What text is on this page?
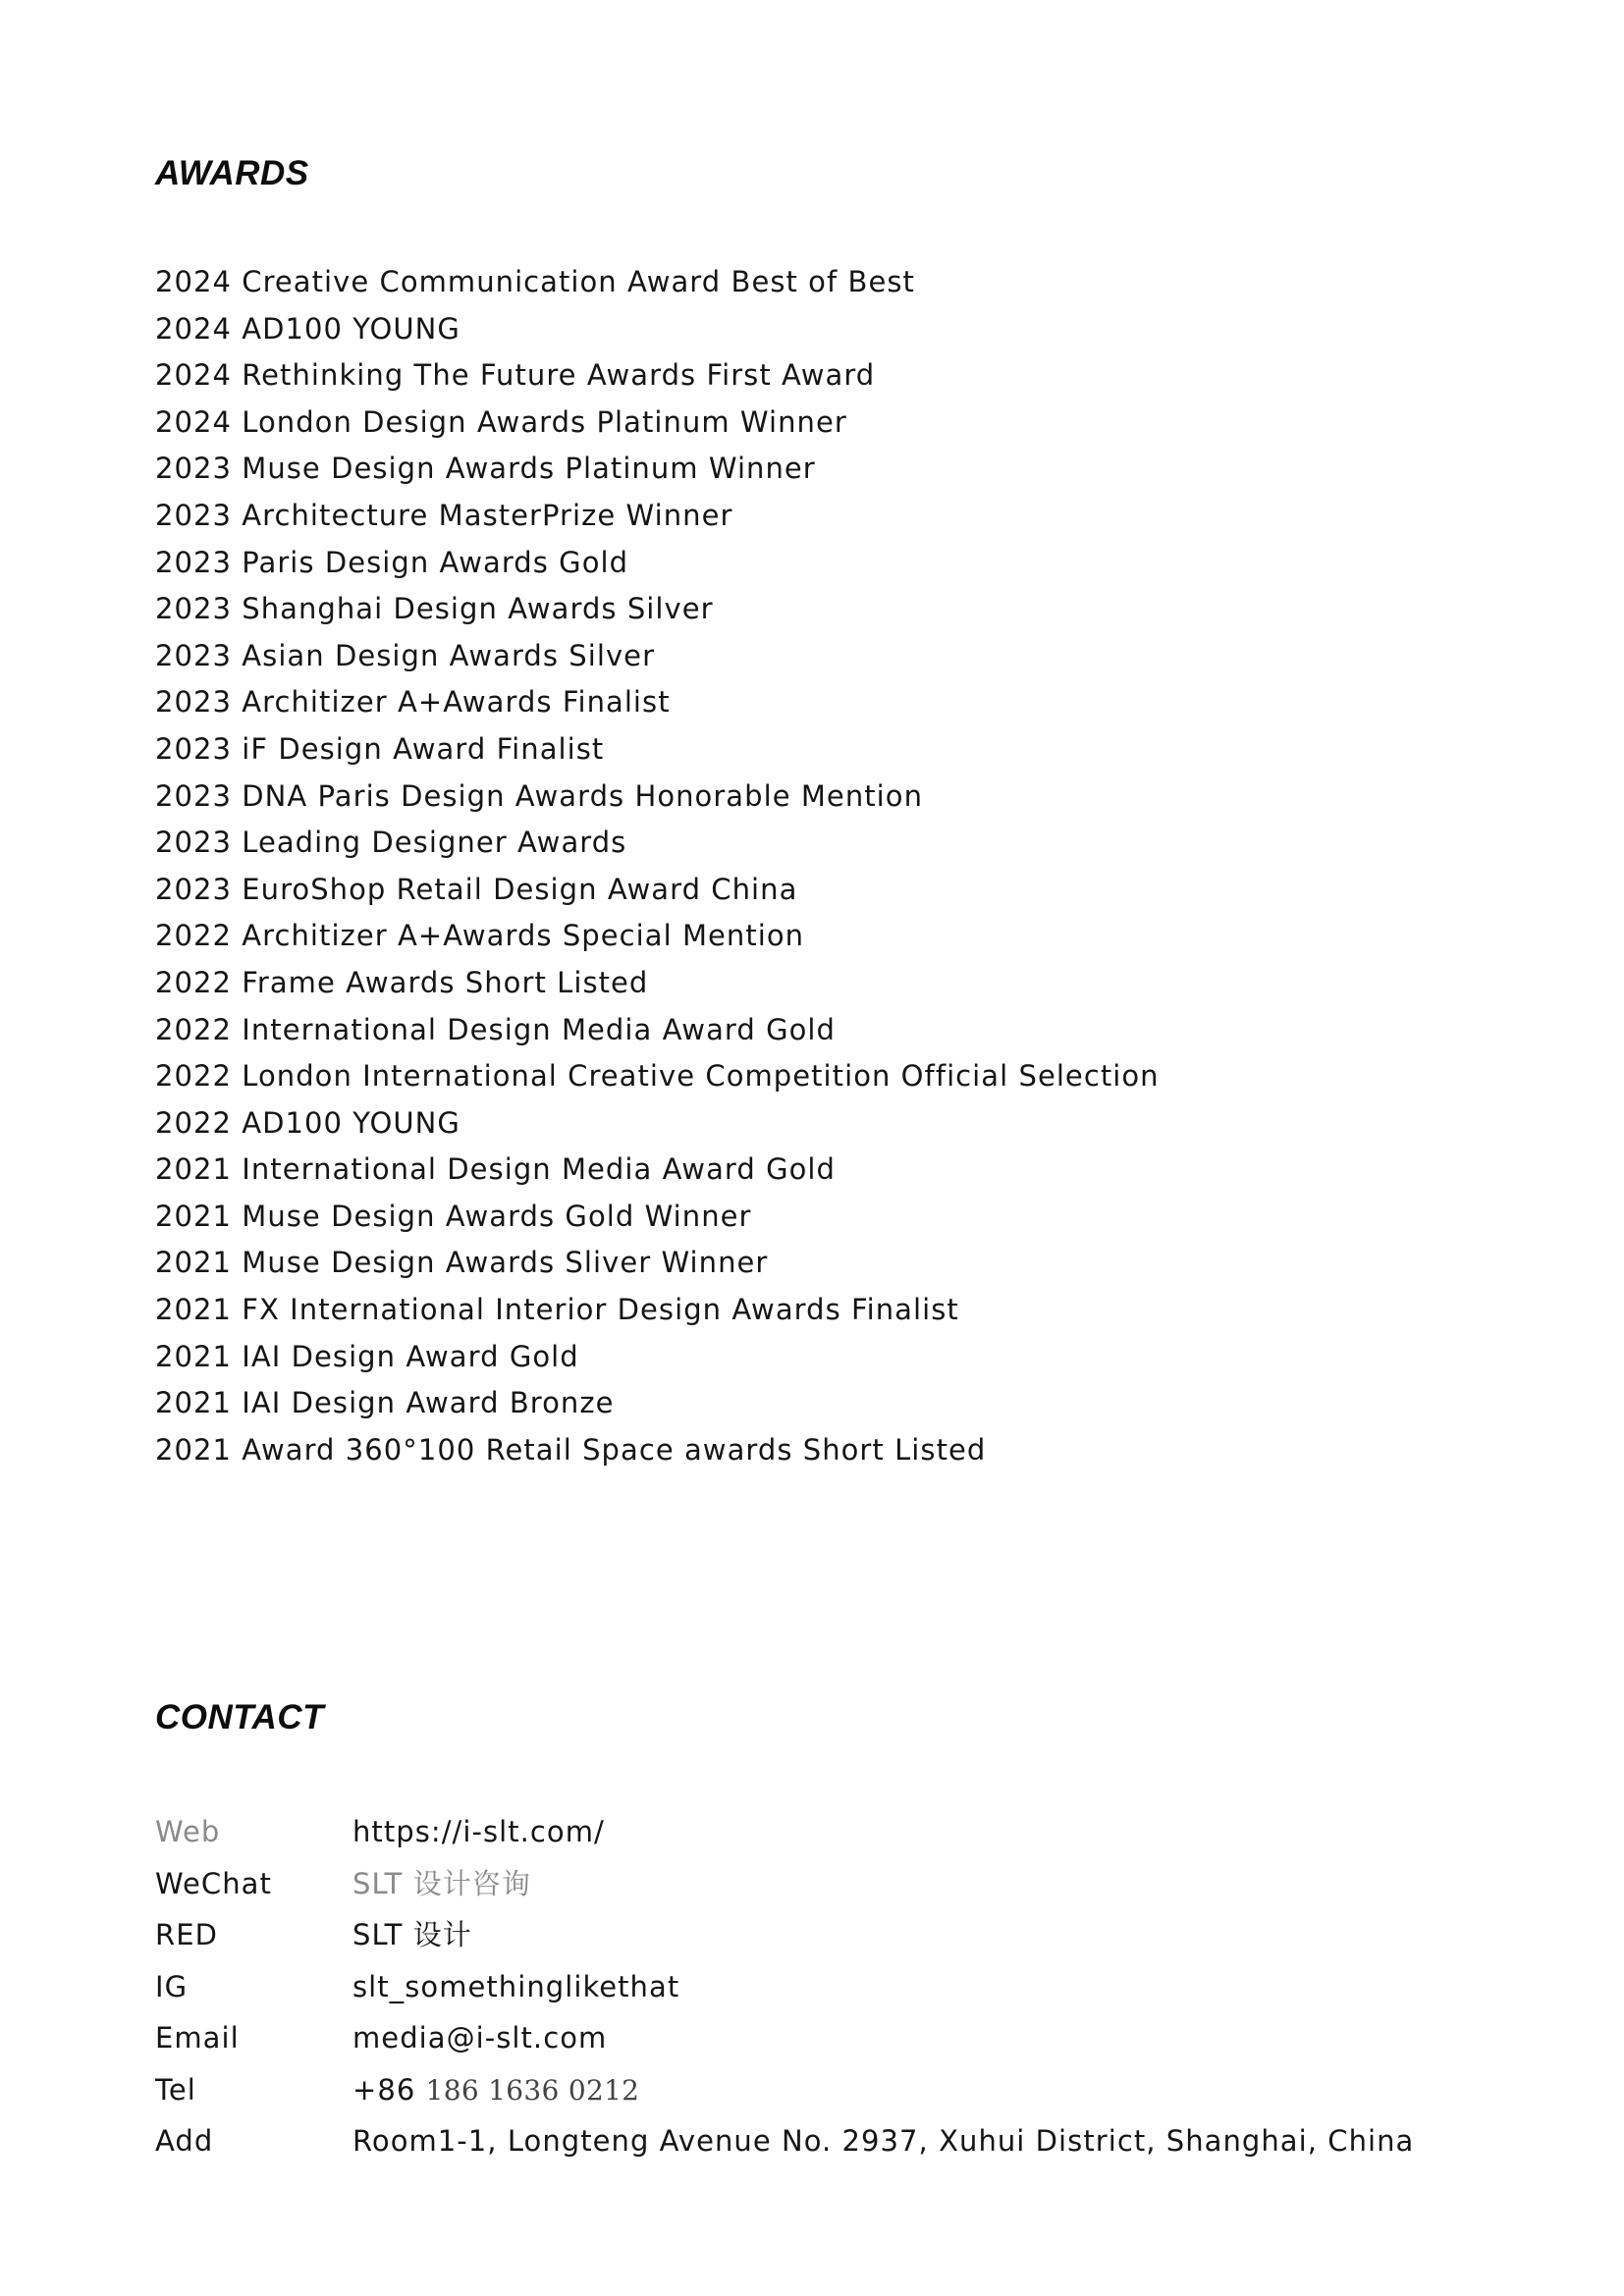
AWARDS
2024 Creative Communication Award Best of Best
2024 AD100 YOUNG
2024 Rethinking The Future Awards First Award
2024 London Design Awards Platinum Winner
2023 Muse Design Awards Platinum Winner
2023 Architecture MasterPrize Winner
2023 Paris Design Awards Gold
2023 Shanghai Design Awards Silver
2023 Asian Design Awards Silver
2023 Architizer A+Awards Finalist
2023 iF Design Award Finalist
2023 DNA Paris Design Awards Honorable Mention
2023 Leading Designer Awards
2023 EuroShop Retail Design Award China
2022 Architizer A+Awards Special Mention
2022 Frame Awards Short Listed
2022 International Design Media Award Gold
2022 London International Creative Competition Official Selection
2022 AD100 YOUNG
2021 International Design Media Award Gold
2021 Muse Design Awards Gold Winner
2021 Muse Design Awards Sliver Winner
2021 FX International Interior Design Awards Finalist
2021 IAI Design Award Gold
2021 IAI Design Award Bronze
2021 Award 360°100 Retail Space awards Short Listed
CONTACT
Web	https://i-slt.com/
WeChat	SLT 设计咨询
RED	SLT 设计
IG	slt_somethinglikethat
Email	media@i-slt.com
Tel	+86 186 1636 0212
Add	Room1-1, Longteng Avenue No. 2937, Xuhui District, Shanghai, China
